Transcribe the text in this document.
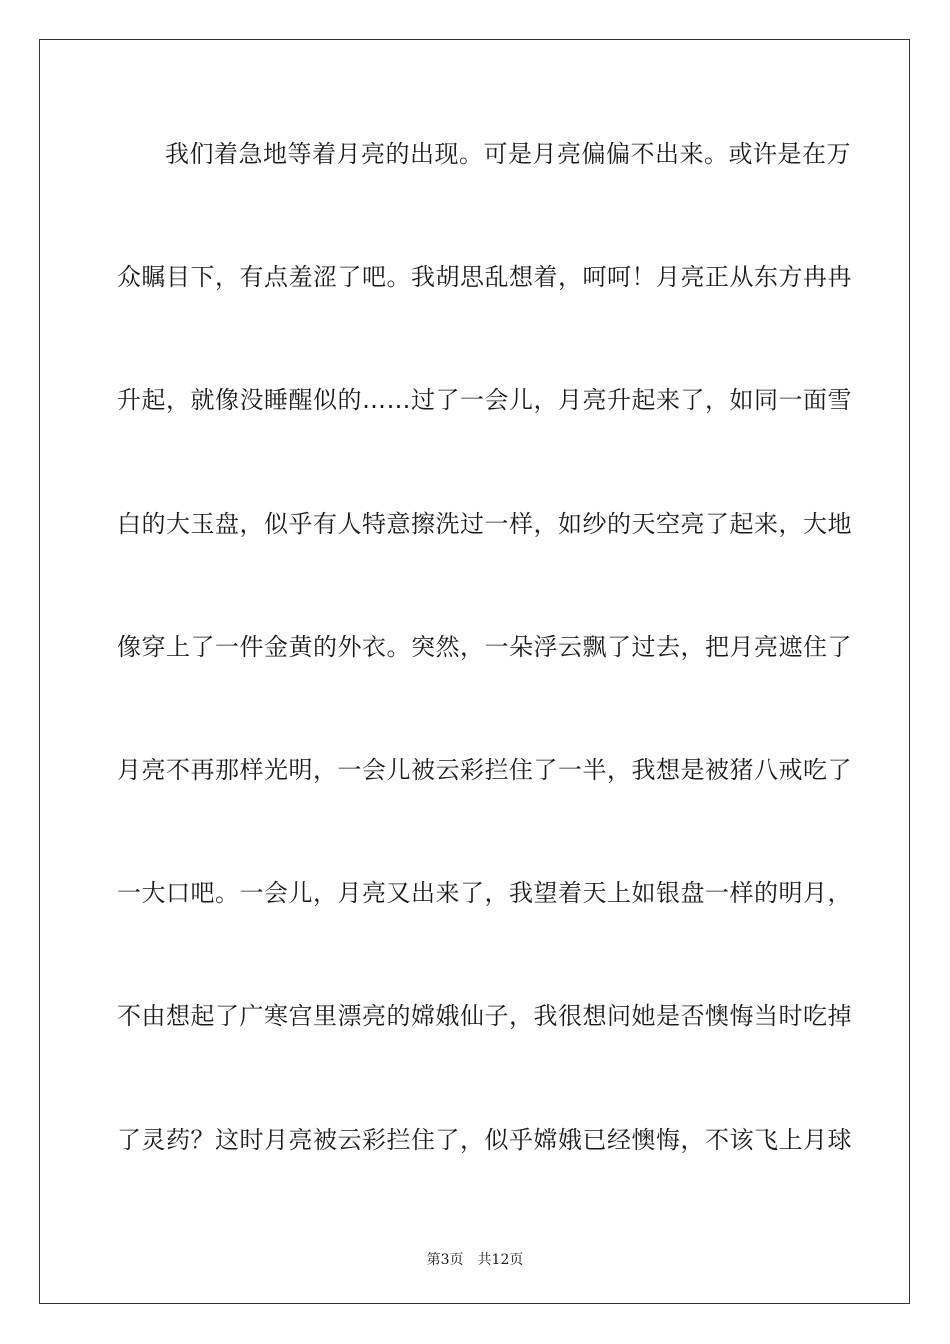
我们着急地等着月亮的出现。可是月亮偏偏不出来。或许是在万
众瞩目下，有点羞涩了吧。我胡思乱想着，呵呵！月亮正从东方冉冉
升起，就像没睡醒似的……过了一会儿，月亮升起来了，如同一面雪
白的大玉盘，似乎有人特意擦洗过一样，如纱的天空亮了起来，大地
像穿上了一件金黄的外衣。突然，一朵浮云飘了过去，把月亮遮住了
月亮不再那样光明，一会儿被云彩拦住了一半，我想是被猪八戒吃了
一大口吧。一会儿，月亮又出来了，我望着天上如银盘一样的明月，
不由想起了广寒宫里漂亮的嫦娥仙子，我很想问她是否懊悔当时吃掉
了灵药？这时月亮被云彩拦住了，似乎嫦娥已经懊悔，不该飞上月球
第3页 共12页
